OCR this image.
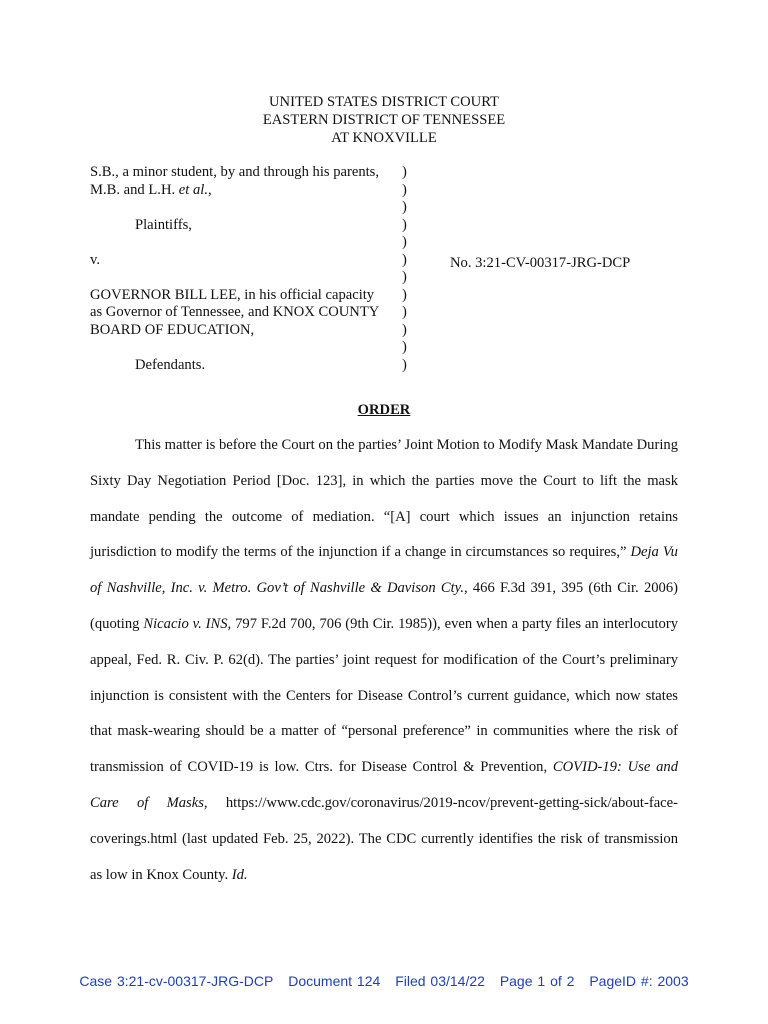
UNITED STATES DISTRICT COURT
EASTERN DISTRICT OF TENNESSEE
AT KNOXVILLE
S.B., a minor student, by and through his parents,
M.B. and L.H. et al.,
Plaintiffs,
v.
GOVERNOR BILL LEE, in his official capacity
as Governor of Tennessee, and KNOX COUNTY
BOARD OF EDUCATION,
Defendants.
)
)
)
)
)
)
)
)
)
)
)
)
No. 3:21-CV-00317-JRG-DCP
ORDER
This matter is before the Court on the parties’ Joint Motion to Modify Mask Mandate During Sixty Day Negotiation Period [Doc. 123], in which the parties move the Court to lift the mask mandate pending the outcome of mediation. “[A] court which issues an injunction retains jurisdiction to modify the terms of the injunction if a change in circumstances so requires,” Deja Vu of Nashville, Inc. v. Metro. Gov’t of Nashville & Davison Cty., 466 F.3d 391, 395 (6th Cir. 2006) (quoting Nicacio v. INS, 797 F.2d 700, 706 (9th Cir. 1985)), even when a party files an interlocutory appeal, Fed. R. Civ. P. 62(d). The parties’ joint request for modification of the Court’s preliminary injunction is consistent with the Centers for Disease Control’s current guidance, which now states that mask-wearing should be a matter of “personal preference” in communities where the risk of transmission of COVID-19 is low. Ctrs. for Disease Control & Prevention, COVID-19: Use and Care of Masks, https://www.cdc.gov/coronavirus/2019-ncov/prevent-getting-sick/about-face-coverings.html (last updated Feb. 25, 2022). The CDC currently identifies the risk of transmission as low in Knox County. Id.
Case 3:21-cv-00317-JRG-DCP Document 124 Filed 03/14/22 Page 1 of 2 PageID #: 2003
